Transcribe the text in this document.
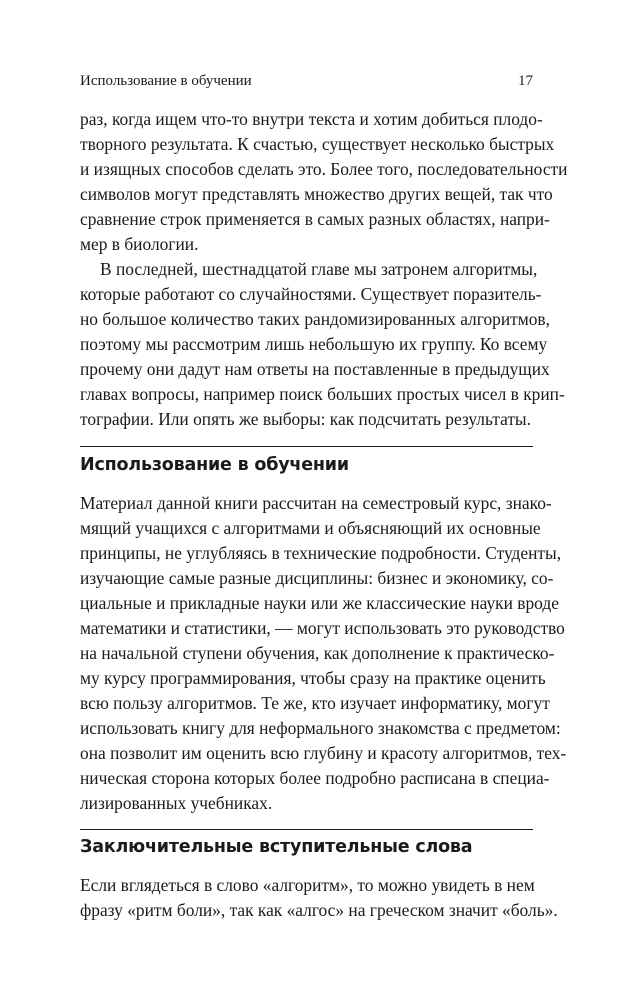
Использование в обучении	17
раз, когда ищем что-то внутри текста и хотим добиться плодо-
творного результата. К счастью, существует несколько быстрых
и изящных способов сделать это. Более того, последовательности
символов могут представлять множество других вещей, так что
сравнение строк применяется в самых разных областях, напри-
мер в биологии.
В последней, шестнадцатой главе мы затронем алгоритмы,
которые работают со случайностями. Существует поразитель-
но большое количество таких рандомизированных алгоритмов,
поэтому мы рассмотрим лишь небольшую их группу. Ко всему
прочему они дадут нам ответы на поставленные в предыдущих
главах вопросы, например поиск больших простых чисел в крип-
тографии. Или опять же выборы: как подсчитать результаты.
Использование в обучении
Материал данной книги рассчитан на семестровый курс, знако-
мящий учащихся с алгоритмами и объясняющий их основные
принципы, не углубляясь в технические подробности. Студенты,
изучающие самые разные дисциплины: бизнес и экономику, со-
циальные и прикладные науки или же классические науки вроде
математики и статистики, — могут использовать это руководство
на начальной ступени обучения, как дополнение к практическо-
му курсу программирования, чтобы сразу на практике оценить
всю пользу алгоритмов. Те же, кто изучает информатику, могут
использовать книгу для неформального знакомства с предметом:
она позволит им оценить всю глубину и красоту алгоритмов, тех-
ническая сторона которых более подробно расписана в специа-
лизированных учебниках.
Заключительные вступительные слова
Если вглядеться в слово «алгоритм», то можно увидеть в нем
фразу «ритм боли», так как «алгос» на греческом значит «боль».
